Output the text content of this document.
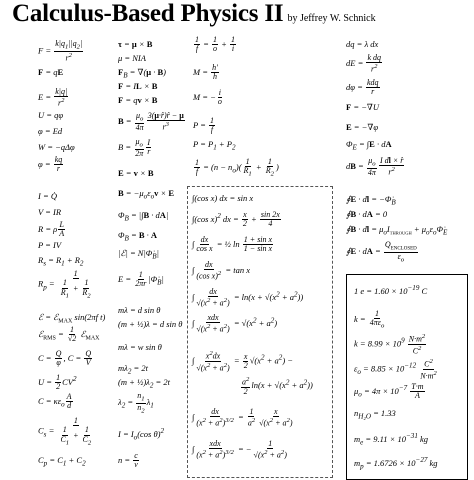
Calculus-Based Physics II by Jeffrey W. Schnick
$F = \frac{k|q_1||q_2|}{r^2}$
F = qE
$E = \frac{k|q|}{r^2}$
U = qφ
φ = Ed
W = −qΔφ
$\varphi = \frac{kq}{r}$
I = Q̇
V = IR
R = ρ $\frac{L}{A}$
P = IV
$R_s = R_1 + R_2$
$R_p = \frac{1}{\frac{1}{R_1} + \frac{1}{R_2}}$
ℰ = ℰ$_{MAX}$ sin(2πf t)
ℰ$_{RMS}$ = $\frac{1}{√2}$ ℰ$_{MAX}$
$C = \frac{Q}{\varphi}$ , $C = \frac{Q}{V}$
$U = \frac{1}{2} CV^2$
$C = \kappa\varepsilon_o \frac{A}{d}$
$C_s = \frac{1}{\frac{1}{C_1} + \frac{1}{C_2}}$
$C_p = C_1 + C_2$
τ = μ × B
μ = NIA
$F_B = \nabla(\mu \cdot B)$
F = IL × B
F = qv × B
$B = \frac{\mu_o}{4\pi} \frac{3(\mu\cdot r̂)r̂ - \mu}{r^3}$
$B = \frac{\mu_o}{2\pi} \frac{I}{r}$
E = v × B
$B = -\mu_o\varepsilon_ov \times E$
$\Phi_B = |\int B \cdot dA|$
$\Phi_B = B \cdot A$
|ℰ| = $N|\Phi̇_B|$
$E = \frac{1}{2\pi r}$ $|\Phi̇_B|$
mλ = d sin θ
(m + ½)λ = d sin θ
mλ = w sin θ
$m\lambda_2 = 2t$
$(m + \frac{1}{2})\lambda_2 = 2t$
$\lambda_2 = \frac{n_1}{n_2} \lambda_1$
$I = I_o(\cos$ θ)$^2$
$n = \frac{c}{v}$
$\frac{1}{f} = \frac{1}{o} + \frac{1}{i}$
$M = \frac{h'}{h}$
M = − $\frac{i}{o}$
$P = \frac{1}{f}$
$P = P_1 + P_2$
$\frac{1}{f} = (n - n_o)( \frac{1}{R_1} + \frac{1}{R_2}$ )
∫(cos x) dx = sin x
∫(cos x)$^2$ dx = $\frac{x}{2} + \frac{\sin 2x}{4}$
∫ $\frac{dx}{\text{cos x}}$ = ½ $\ln \frac{\text{1 + sin x}}{\text{1 − sin x}}$
∫ $\frac{dx}{(\cos x)^2} = \tan x$
∫ $\frac{dx}{√(x^2 + a^2)} = \ln(x + √(x^2 + a^2))$
∫ $\frac{\text{xdx}}{√(x^2 + a^2)} = √(x^2 + a^2)$
∫ $\frac{x^2dx}{√(x^2 + a^2)} = \frac{x}{2} √(x^2 + a^2)$ −
$\frac{a^2}{2} \ln(x + √(x^2 + a^2))$
∫ $\frac{dx}{(x^2 + a^2)^{3/2}} = \frac{1}{a^2} \frac{x}{√(x^2 + a^2)}$
∫ $\frac{\text{xdx}}{(x^2 + a^2)^{3/2}}$ = − $\frac{1}{√(x^2 + a^2)}$
dq = λ dx
dE = $\frac{\text{k dq}}{r^2}$
$d\varphi = \frac{\text{kdq}}{r}$
F = −∇U
E = −∇φ
$\Phi_E = \int E$ · dA
dB = $\frac{\mu_o}{4\pi} \frac{\text{I dl × r̂}}{r^2}$
∮E · dl = $-\Phi̇_B$
∮B · dA = 0
∮B · dl = $\mu_oI_{THROUGH}$ + $\mu_o\varepsilon_o\Phi̇_E$
∮E · dA = $\frac{Q_{ENCLOSED}}{\varepsilon_o}$
1 $e = 1.60 \times 10^{-19}$ C
$k = \frac{1}{4\pi\varepsilon_o}$
$k = 8.99 \times 10^9 \frac{N\cdot m^2}{C^2}$
$\varepsilon_o = 8.85 \times 10^{-12} \frac{C^2}{N\cdot m^2}$
$\mu_o = 4\pi \times 10^{-7} \frac{T\cdot m}{A}$
$n_{H_2O} = 1.33$
$m_e = 9.11 \times 10^{-31}$ kg
$m_p = 1.6726 \times 10^{-27}$ kg
